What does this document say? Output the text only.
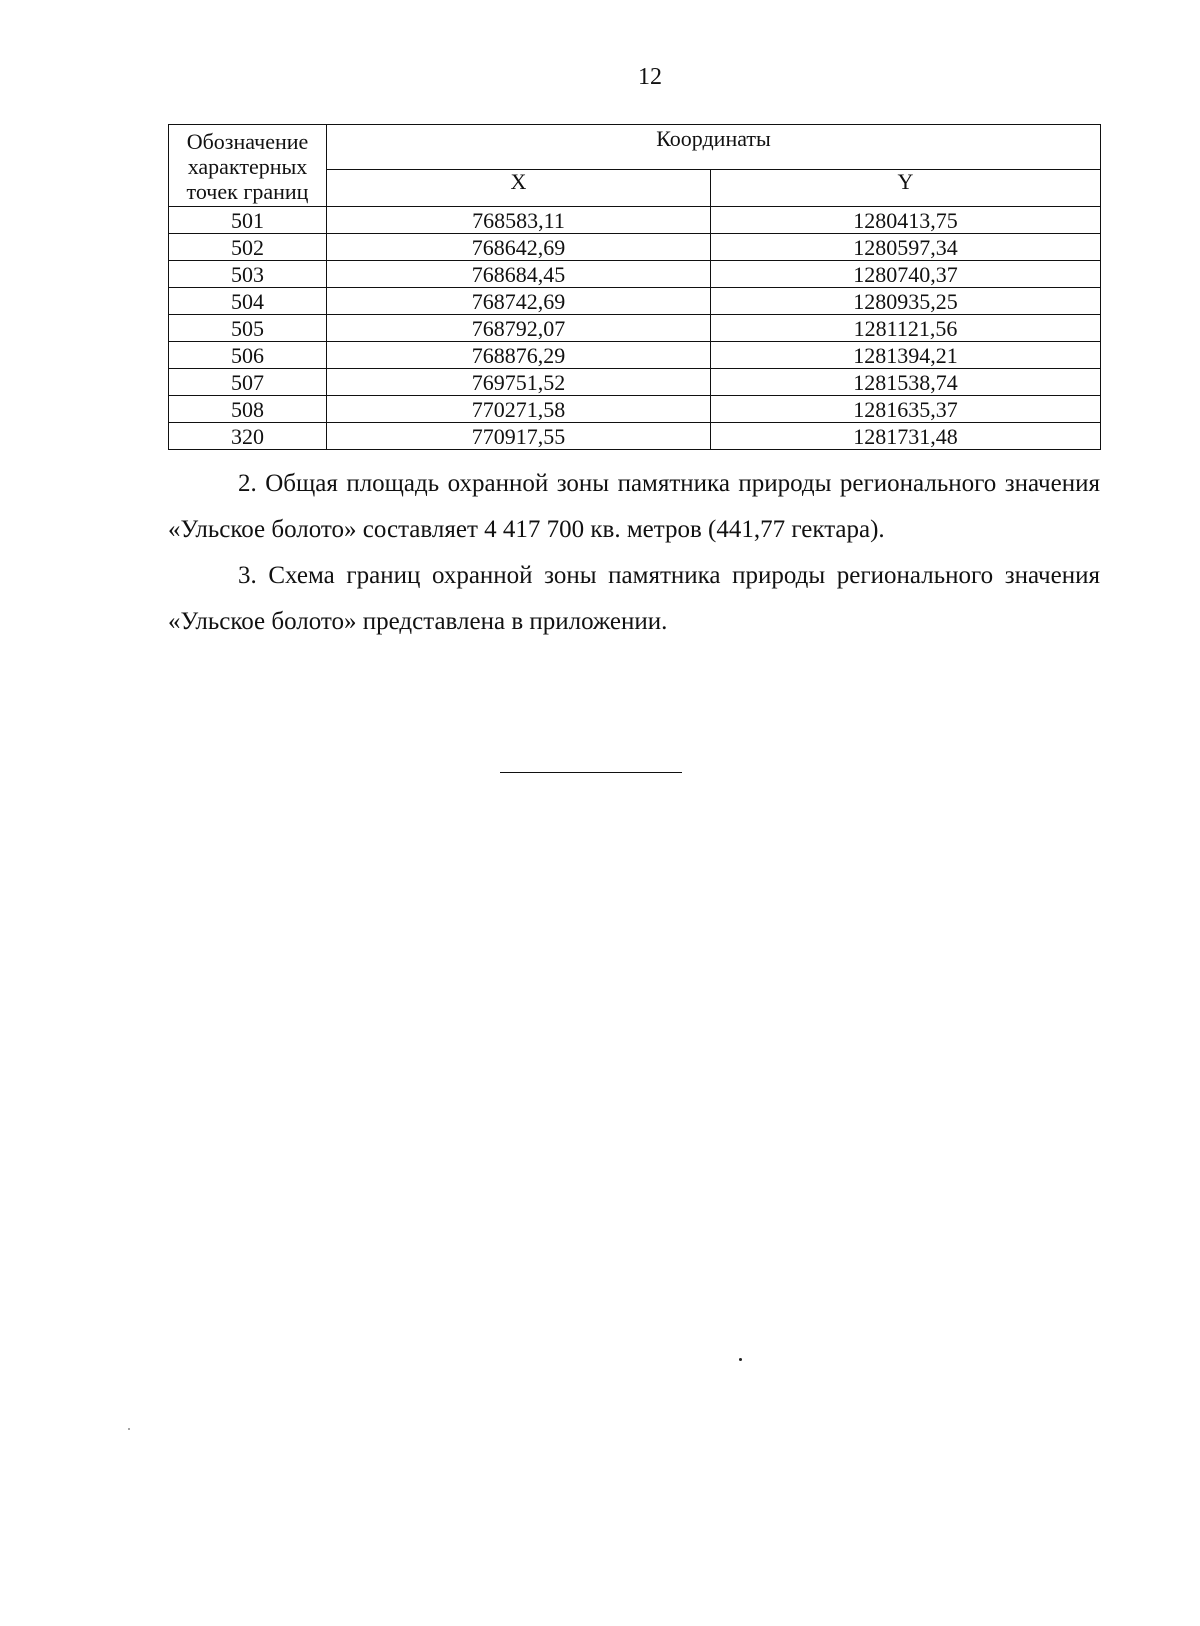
12
Обозначение характерных точек границ	Координаты	
	X	Y
501	768583,11	1280413,75
502	768642,69	1280597,34
503	768684,45	1280740,37
504	768742,69	1280935,25
505	768792,07	1281121,56
506	768876,29	1281394,21
507	769751,52	1281538,74
508	770271,58	1281635,37
320	770917,55	1281731,48

2. Общая площадь охранной зоны памятника природы регионального значения «Ульское болото» составляет 4 417 700 кв. метров (441,77 гектара).

3. Схема границ охранной зоны памятника природы регионального значения «Ульское болото» представлена в приложении.
